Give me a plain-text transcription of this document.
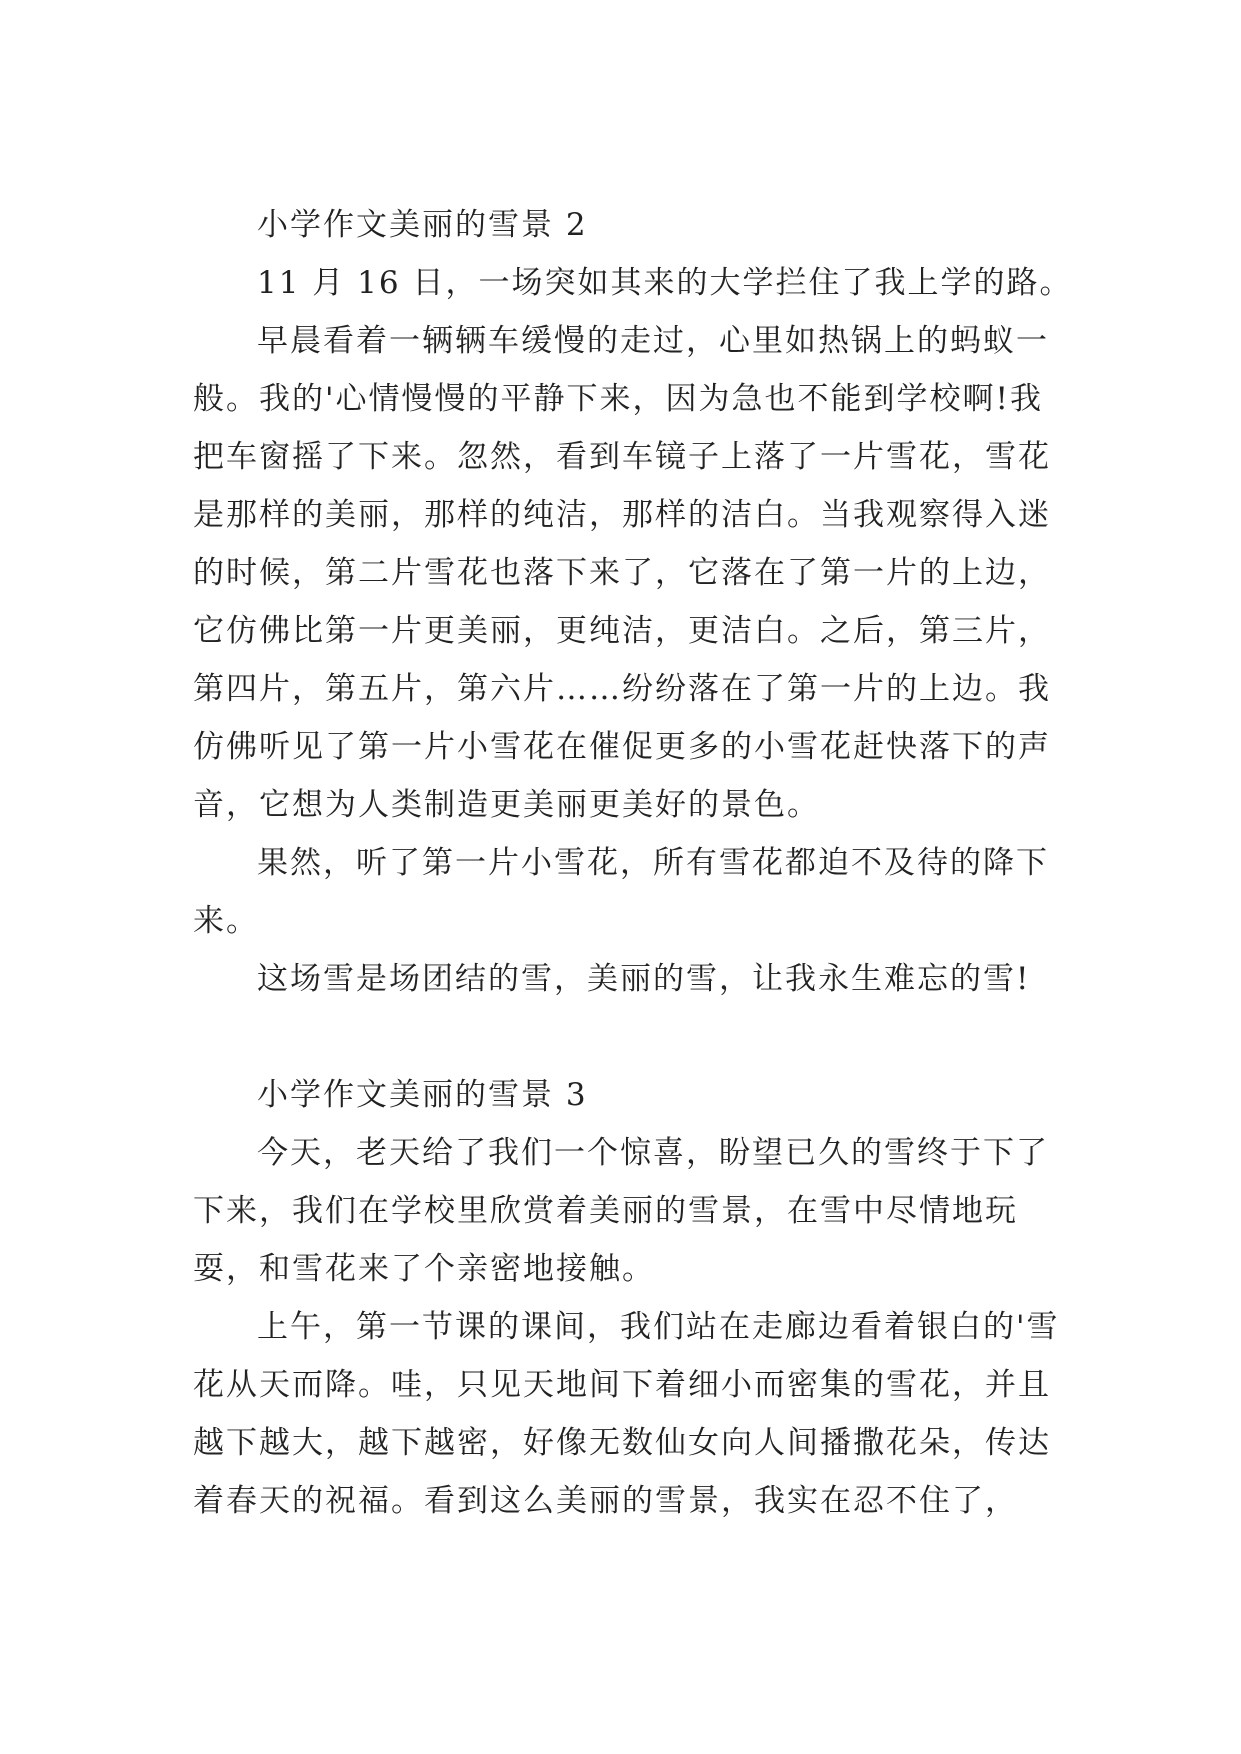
小学作文美丽的雪景 2

11 月 16 日，一场突如其来的大学拦住了我上学的路。

早晨看着一辆辆车缓慢的走过，心里如热锅上的蚂蚁一般。我的'心情慢慢的平静下来，因为急也不能到学校啊!我把车窗摇了下来。忽然，看到车镜子上落了一片雪花，雪花是那样的美丽，那样的纯洁，那样的洁白。当我观察得入迷的时候，第二片雪花也落下来了，它落在了第一片的上边，它仿佛比第一片更美丽，更纯洁，更洁白。之后，第三片，第四片，第五片，第六片……纷纷落在了第一片的上边。我仿佛听见了第一片小雪花在催促更多的小雪花赶快落下的声音，它想为人类制造更美丽更美好的景色。

果然，听了第一片小雪花，所有雪花都迫不及待的降下来。

这场雪是场团结的雪，美丽的雪，让我永生难忘的雪!

小学作文美丽的雪景 3

今天，老天给了我们一个惊喜，盼望已久的雪终于下了下来，我们在学校里欣赏着美丽的雪景，在雪中尽情地玩耍，和雪花来了个亲密地接触。

上午，第一节课的课间，我们站在走廊边看着银白的'雪花从天而降。哇，只见天地间下着细小而密集的雪花，并且越下越大，越下越密，好像无数仙女向人间播撒花朵，传达着春天的祝福。看到这么美丽的雪景，我实在忍不住了，
